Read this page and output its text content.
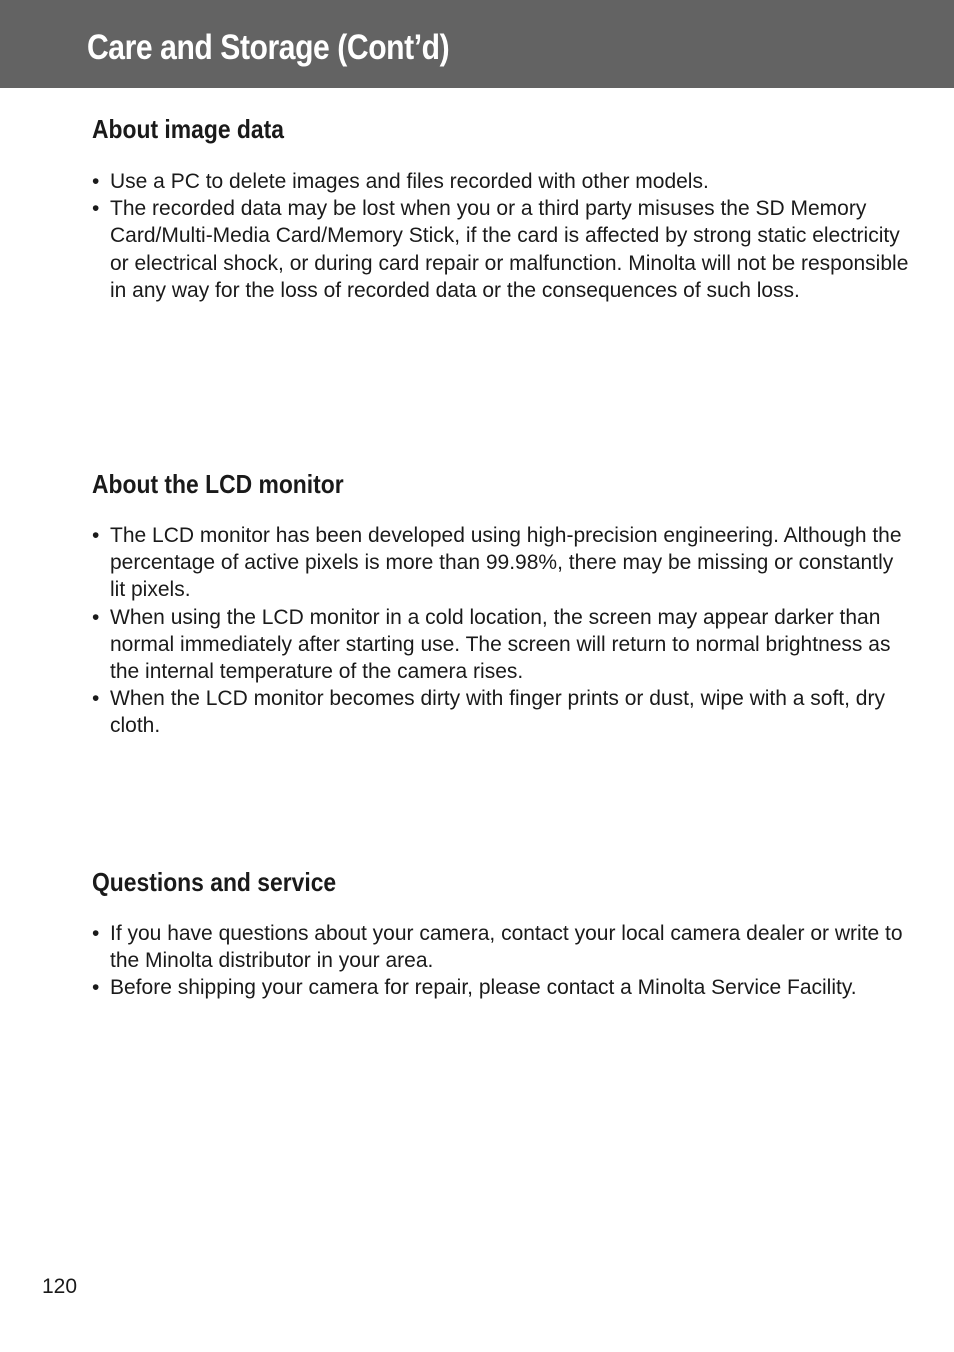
Care and Storage (Cont’d)
About image data
• Use a PC to delete images and files recorded with other models.
• The recorded data may be lost when you or a third party misuses the SD Memory Card/Multi-Media Card/Memory Stick, if the card is affected by strong static electricity or electrical shock, or during card repair or malfunction. Minolta will not be responsible in any way for the loss of recorded data or the consequences of such loss.
About the LCD monitor
• The LCD monitor has been developed using high-precision engineering. Although the percentage of active pixels is more than 99.98%, there may be missing or constantly lit pixels.
• When using the LCD monitor in a cold location, the screen may appear darker than normal immediately after starting use. The screen will return to normal brightness as the internal temperature of the camera rises.
• When the LCD monitor becomes dirty with finger prints or dust, wipe with a soft, dry cloth.
Questions and service
• If you have questions about your camera, contact your local camera dealer or write to the Minolta distributor in your area.
• Before shipping your camera for repair, please contact a Minolta Service Facility.
120
